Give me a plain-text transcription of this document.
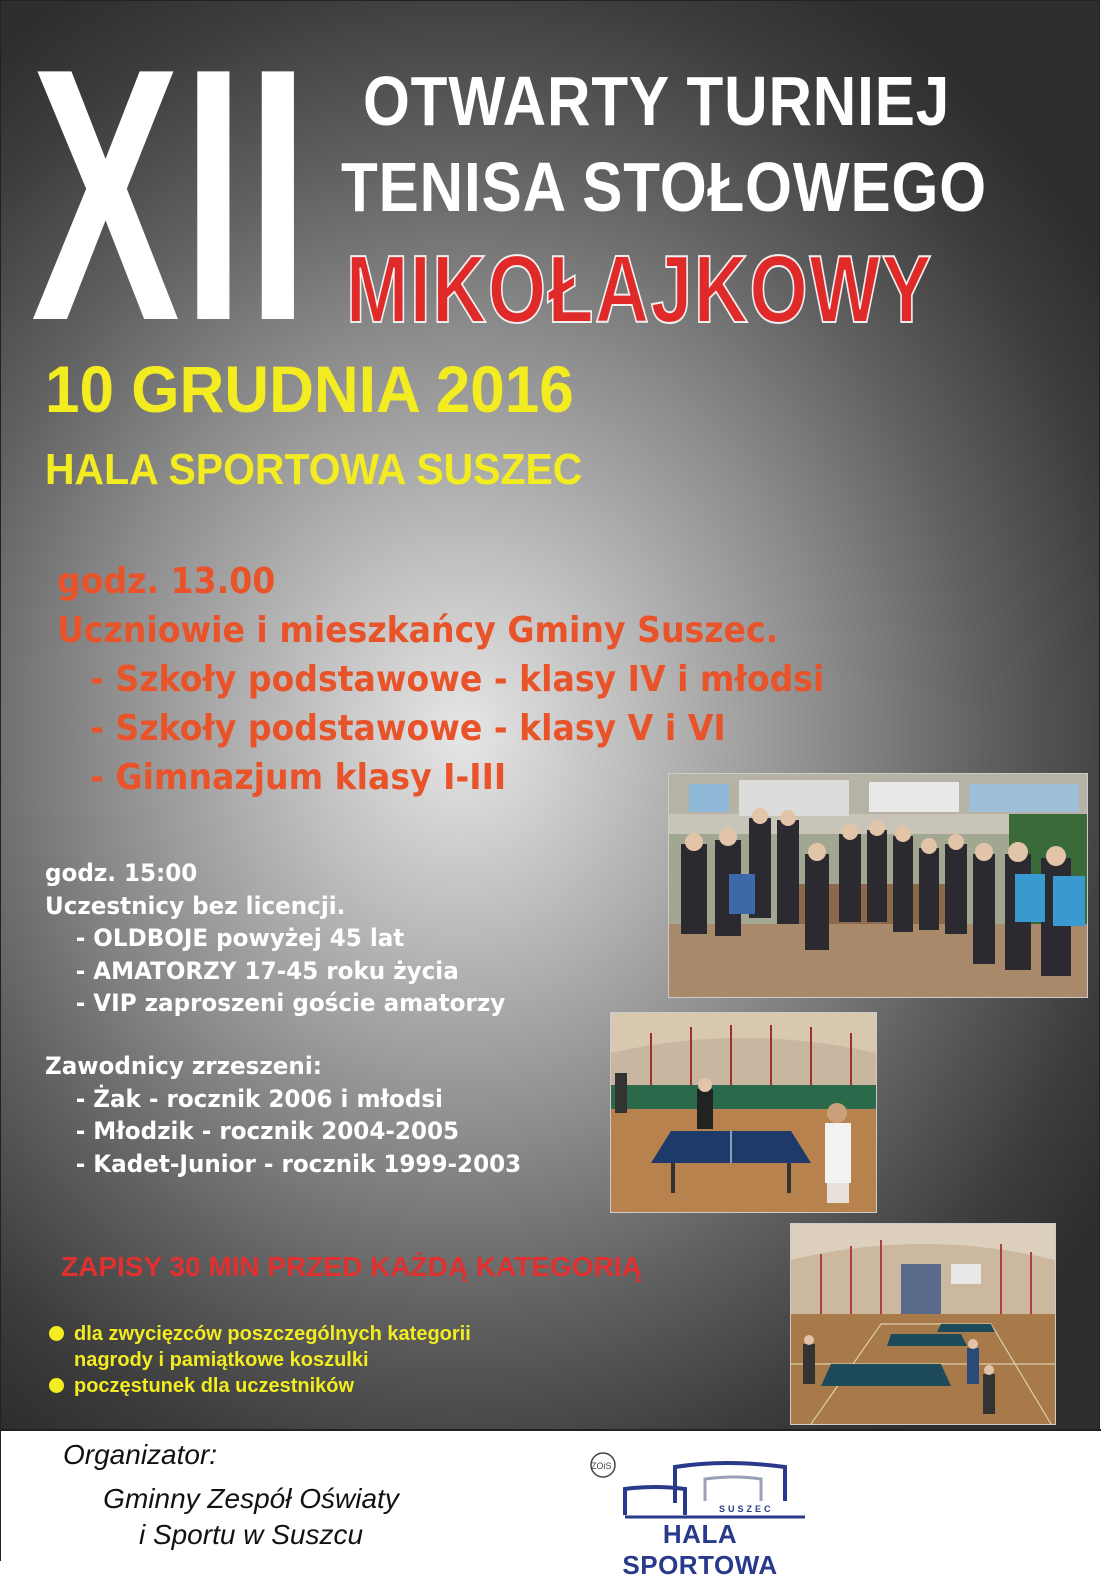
XII OTWARTY TURNIEJ
TENISA STOŁOWEGO
MIKOŁAJKOWY
10 GRUDNIA 2016
HALA SPORTOWA SUSZEC
godz. 13.00
Uczniowie i mieszkańcy Gminy Suszec.
- Szkoły podstawowe - klasy IV i młodsi
- Szkoły podstawowe - klasy V i VI
- Gimnazjum klasy I-III
godz. 15:00
Uczestnicy bez licencji.
- OLDBOJE powyżej 45 lat
- AMATORZY 17-45 roku życia
- VIP zaproszeni goście amatorzy
Zawodnicy zrzeszeni:
- Żak - rocznik 2006 i młodsi
- Młodzik - rocznik 2004-2005
- Kadet-Junior - rocznik 1999-2003
ZAPISY 30 MIN PRZED KAŻDĄ KATEGORIĄ
dla zwycięzców poszczególnych kategorii
nagrody i pamiątkowe koszulki
poczęstunek dla uczestników
Organizator:
Gminny Zespół Oświaty
i Sportu w Suszcu
ZOiS
SUSZEC
HALA SPORTOWA
